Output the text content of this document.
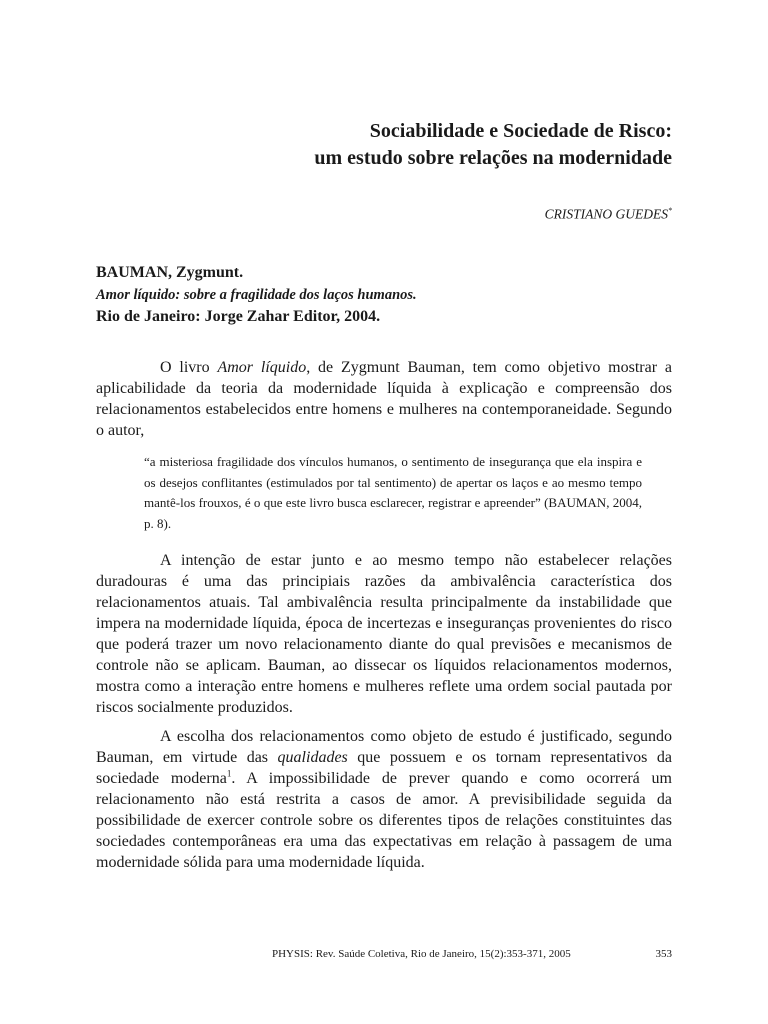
Sociabilidade e Sociedade de Risco:
um estudo sobre relações na modernidade

CRISTIANO GUEDES*

BAUMAN, Zygmunt.
Amor líquido: sobre a fragilidade dos laços humanos.
Rio de Janeiro: Jorge Zahar Editor, 2004.

O livro Amor líquido, de Zygmunt Bauman, tem como objetivo mostrar a aplicabilidade da teoria da modernidade líquida à explicação e compreensão dos relacionamentos estabelecidos entre homens e mulheres na contemporaneidade. Segundo o autor,

“a misteriosa fragilidade dos vínculos humanos, o sentimento de insegurança que ela inspira e os desejos conflitantes (estimulados por tal sentimento) de apertar os laços e ao mesmo tempo mantê-los frouxos, é o que este livro busca esclarecer, registrar e apreender” (BAUMAN, 2004, p. 8).

A intenção de estar junto e ao mesmo tempo não estabelecer relações duradouras é uma das principiais razões da ambivalência característica dos relacionamentos atuais. Tal ambivalência resulta principalmente da instabilidade que impera na modernidade líquida, época de incertezas e inseguranças provenientes do risco que poderá trazer um novo relacionamento diante do qual previsões e mecanismos de controle não se aplicam. Bauman, ao dissecar os líquidos relacionamentos modernos, mostra como a interação entre homens e mulheres reflete uma ordem social pautada por riscos socialmente produzidos.

A escolha dos relacionamentos como objeto de estudo é justificado, segundo Bauman, em virtude das qualidades que possuem e os tornam representativos da sociedade moderna$^1$. A impossibilidade de prever quando e como ocorrerá um relacionamento não está restrita a casos de amor. A previsibilidade seguida da possibilidade de exercer controle sobre os diferentes tipos de relações constituintes das sociedades contemporâneas era uma das expectativas em relação à passagem de uma modernidade sólida para uma modernidade líquida.

PHYSIS: Rev. Saúde Coletiva, Rio de Janeiro, 15(2):353-371, 2005	353
